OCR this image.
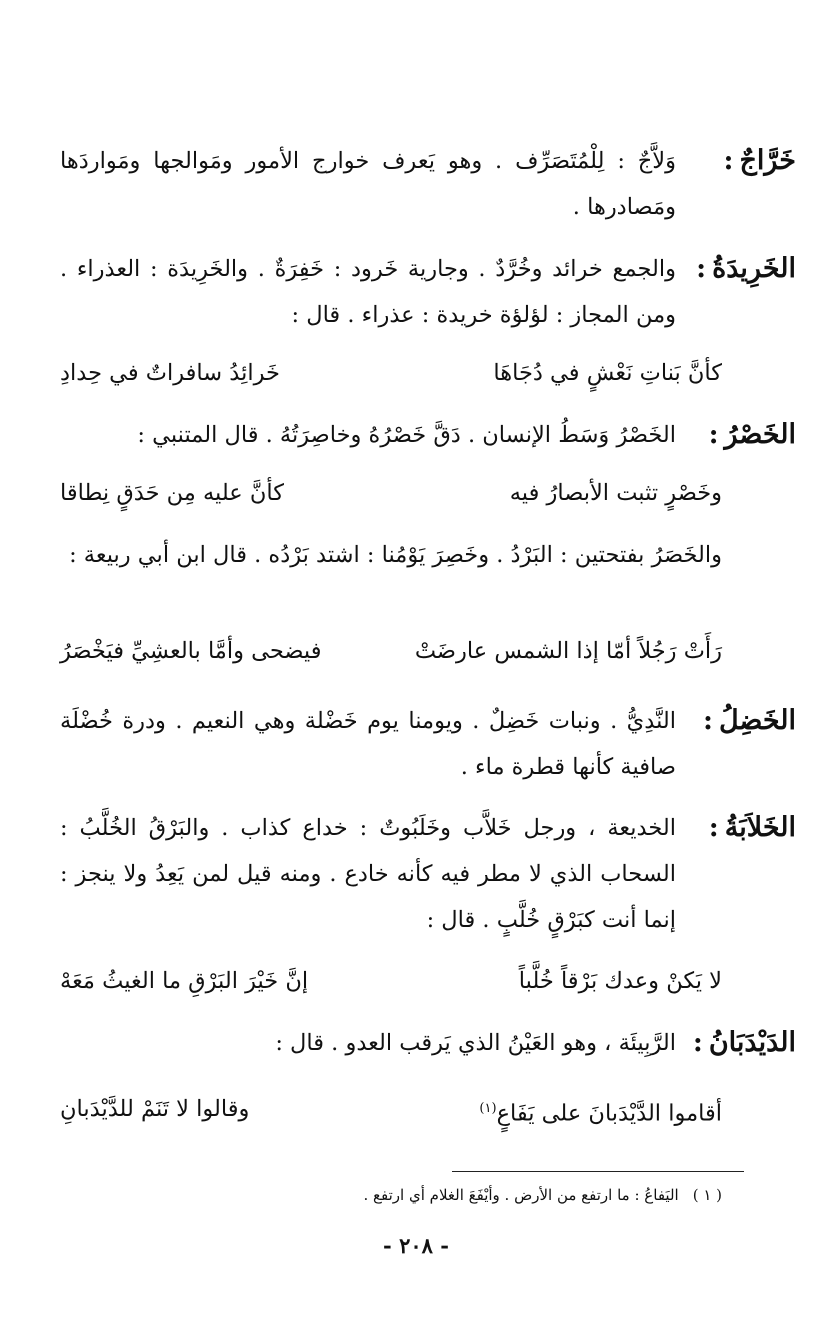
خَرَّاجٌ:
وَلاَّجٌ : لِلْمُتَصَرِّف . وهو يَعرف خوارج الأمور ومَوالجها ومَواردَها ومَصادرها .
الخَرِيدَةُ:
والجمع خرائد وخُرَّدٌ . وجارية خَرود : خَفِرَةٌ . والخَرِيدَة : العذراء . ومن المجاز : لؤلؤة خريدة : عذراء . قال :
كأنَّ بَناتِ نَعْشٍ في دُجَاهَا
خَرائِدُ سافراتٌ في حِدادِ
الخَصْرُ:
الخَصْرُ وَسَطُ الإنسان . دَقَّ خَصْرُهُ وخاصِرَتُهُ . قال المتنبي :
وخَصْرٍ تثبت الأبصارُ فيه
كأنَّ عليه مِن حَدَقٍ نِطاقا
والخَصَرُ بفتحتين : البَرْدُ . وخَصِرَ يَوْمُنا : اشتد بَرْدُه . قال ابن أبي ربيعة :
رَأَتْ رَجُلاً أمّا إذا الشمس عارضَتْ
فيضحى وأمَّا بالعشِيِّ فيَخْصَرُ
الخَضِلُ:
النَّدِيُّ . ونبات خَضِلٌ . ويومنا يوم خَضْلة وهي النعيم . ودرة خُضْلَة صافية كأنها قطرة ماء .
الخَلاَبَةُ:
الخديعة ، ورجل خَلاَّب وخَلَبُوتٌ : خداع كذاب . والبَرْقُ الخُلَّبُ : السحاب الذي لا مطر فيه كأنه خادع . ومنه قيل لمن يَعِدُ ولا ينجز : إنما أنت كبَرْقٍ خُلَّبٍ . قال :
لا يَكنْ وعدك بَرْقاً خُلَّباً
إنَّ خَيْرَ البَرْقِ ما الغيثُ مَعَهْ
الدَيْدَبَانُ:
الرَّبِيئَة ، وهو العَيْنُ الذي يَرقب العدو . قال :
أقاموا الدَّيْدَبانَ على يَفَاعٍ$^{(١)}$
وقالوا لا تَنَمْ للدَّيْدَبانِ
( ١ )اليَفاعُ : ما ارتفع من الأرض . وأيْفَعَ الغلام أي ارتفع .
- ٢٠٨ -
